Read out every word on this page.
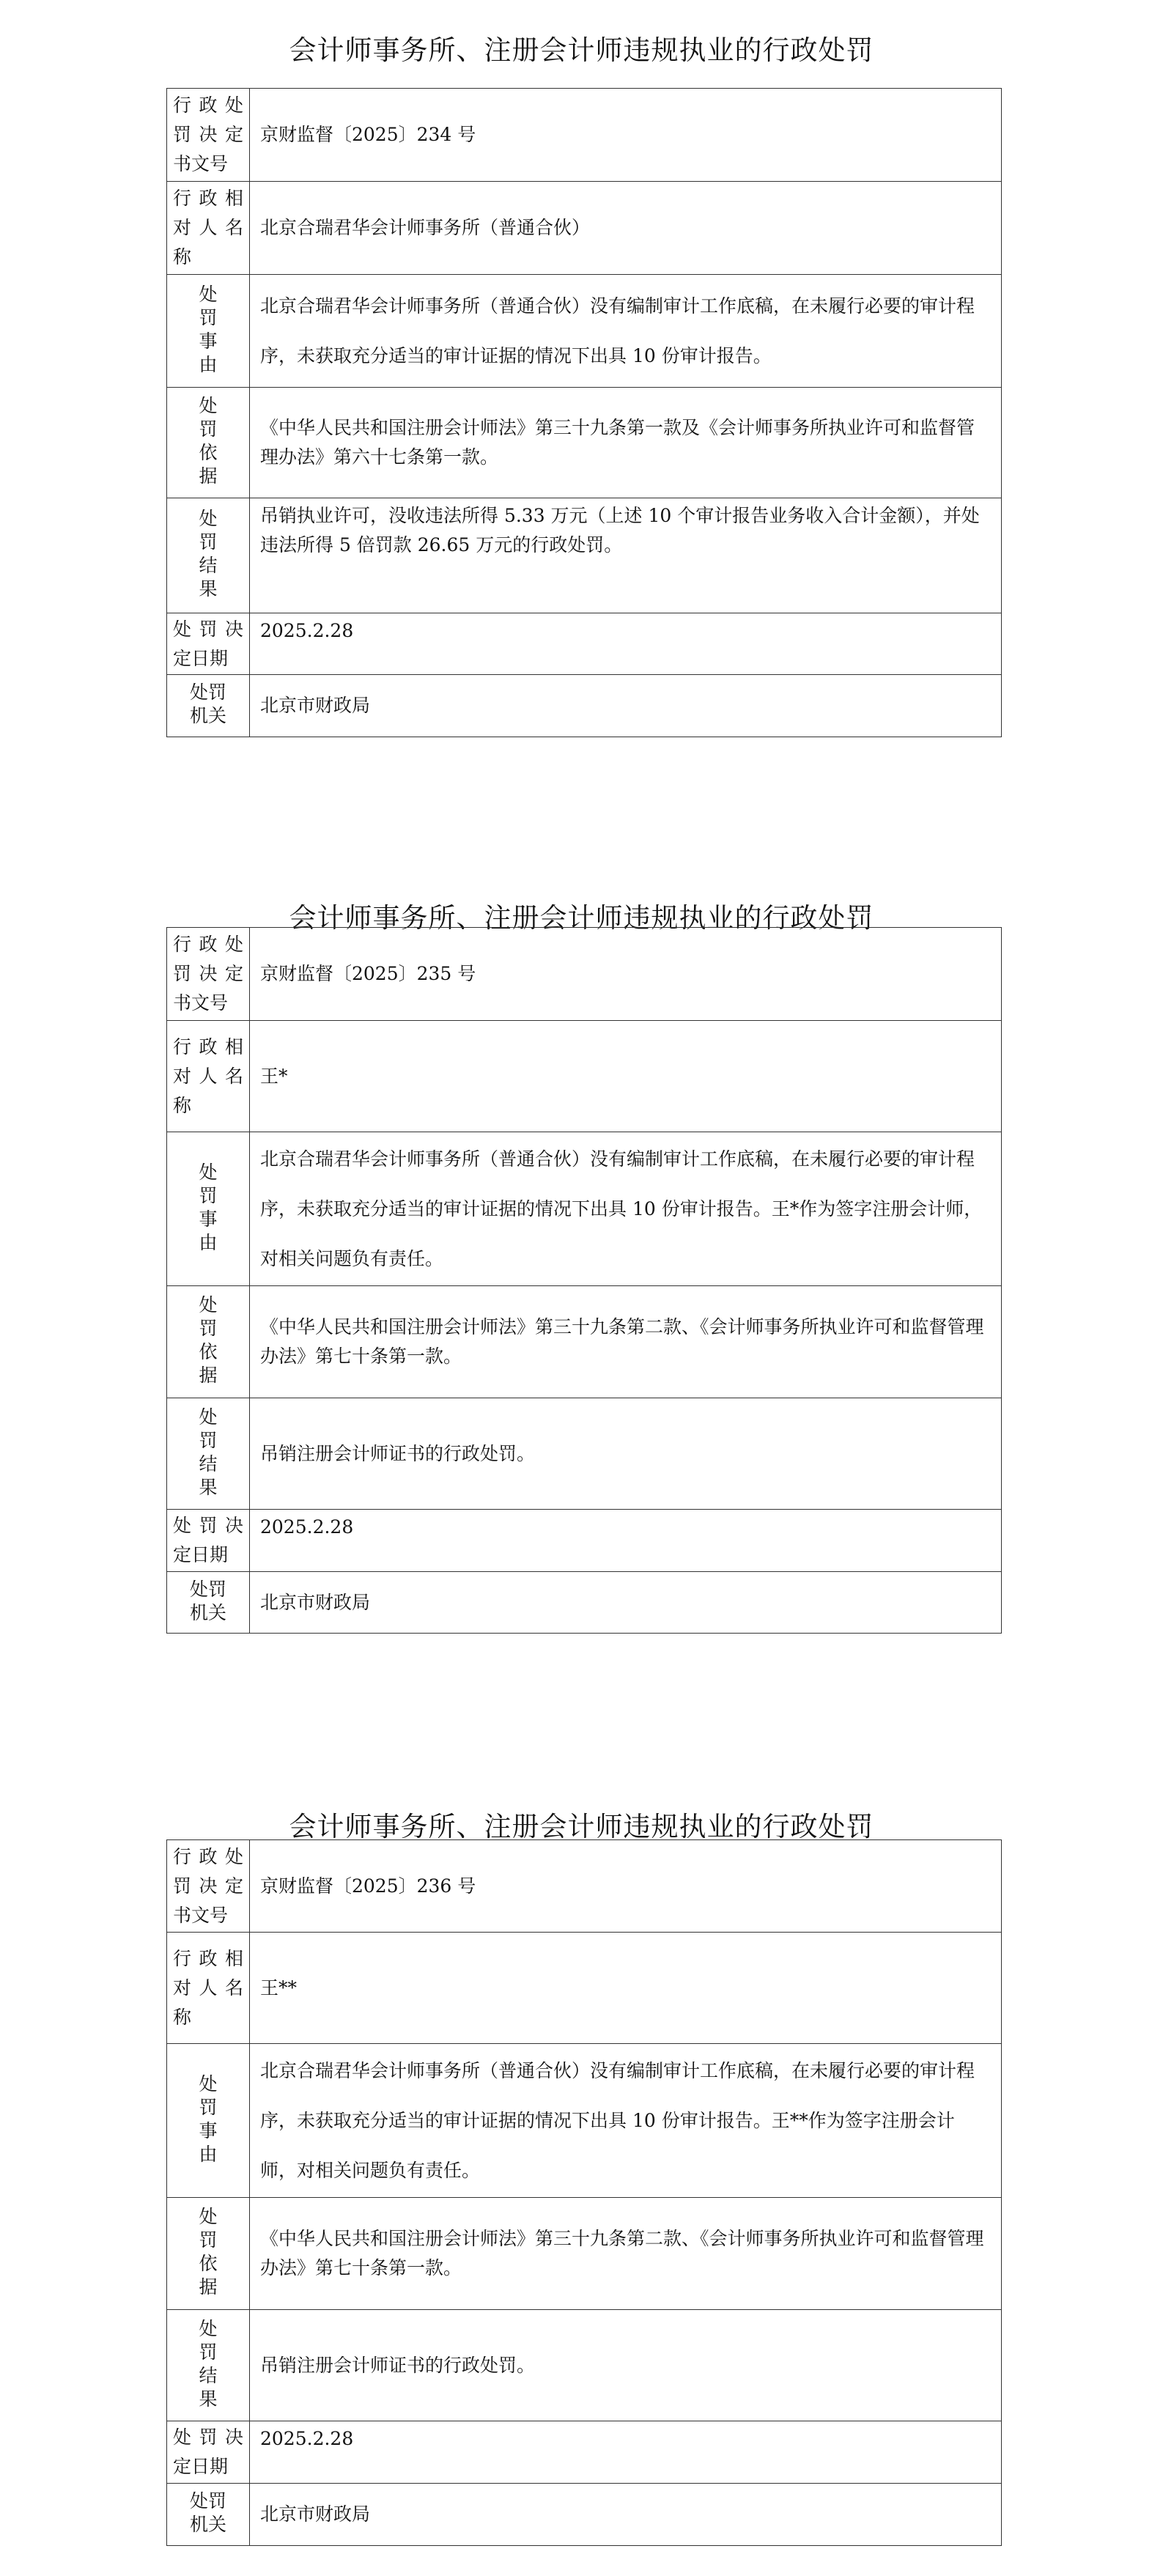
会计师事务所、注册会计师违规执业的行政处罚
行政处罚决定书文号	京财监督〔2025〕234 号

行政相对人名称	北京合瑞君华会计师事务所（普通合伙）
处罚事由	北京合瑞君华会计师事务所（普通合伙）没有编制审计工作底稿，在未履行必要的审计程序，未获取充分适当的审计证据的情况下出具 10 份审计报告。
处罚依据	《中华人民共和国注册会计师法》第三十九条第一款及《会计师事务所执业许可和监督管理办法》第六十七条第一款。
处罚结果	吊销执业许可，没收违法所得 5.33 万元（上述 10 个审计报告业务收入合计金额），并处违法所得 5 倍罚款 26.65 万元的行政处罚。

处罚决定日期	2025.2.28
处罚机关	北京市财政局
会计师事务所、注册会计师违规执业的行政处罚
行政处罚决定书文号	京财监督〔2025〕235 号

行政相对人名称	王*
处罚事由	北京合瑞君华会计师事务所（普通合伙）没有编制审计工作底稿，在未履行必要的审计程序，未获取充分适当的审计证据的情况下出具 10 份审计报告。王*作为签字注册会计师，对相关问题负有责任。
处罚依据	《中华人民共和国注册会计师法》第三十九条第二款、《会计师事务所执业许可和监督管理办法》第七十条第一款。
处罚结果	吊销注册会计师证书的行政处罚。

处罚决定日期	2025.2.28
处罚机关	北京市财政局
会计师事务所、注册会计师违规执业的行政处罚
行政处罚决定书文号	京财监督〔2025〕236 号

行政相对人名称	王**
处罚事由	北京合瑞君华会计师事务所（普通合伙）没有编制审计工作底稿，在未履行必要的审计程序，未获取充分适当的审计证据的情况下出具 10 份审计报告。王**作为签字注册会计师，对相关问题负有责任。
处罚依据	《中华人民共和国注册会计师法》第三十九条第二款、《会计师事务所执业许可和监督管理办法》第七十条第一款。
处罚结果	吊销注册会计师证书的行政处罚。

处罚决定日期	2025.2.28
处罚机关	北京市财政局
